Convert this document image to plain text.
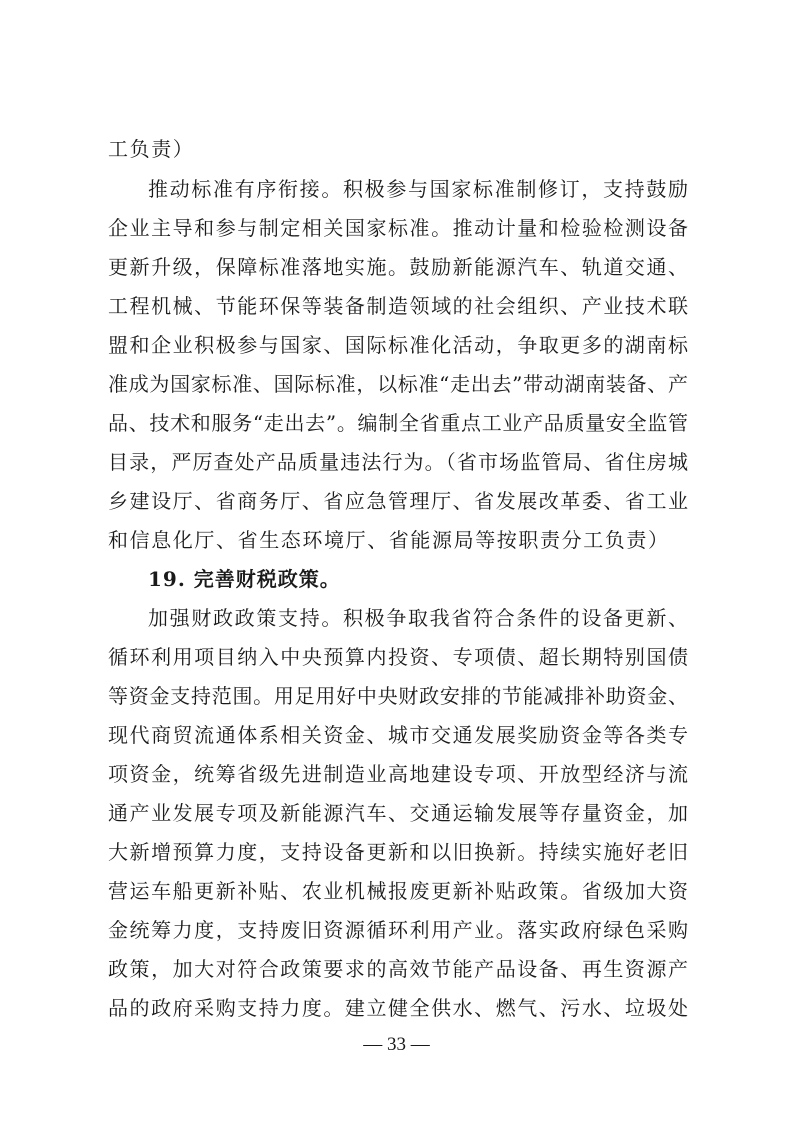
工负责）
推动标准有序衔接。积极参与国家标准制修订，支持鼓励
企业主导和参与制定相关国家标准。推动计量和检验检测设备
更新升级，保障标准落地实施。鼓励新能源汽车、轨道交通、
工程机械、节能环保等装备制造领域的社会组织、产业技术联
盟和企业积极参与国家、国际标准化活动，争取更多的湖南标
准成为国家标准、国际标准，以标准“走出去”带动湖南装备、产
品、技术和服务“走出去”。编制全省重点工业产品质量安全监管
目录，严厉查处产品质量违法行为。（省市场监管局、省住房城
乡建设厅、省商务厅、省应急管理厅、省发展改革委、省工业
和信息化厅、省生态环境厅、省能源局等按职责分工负责）
19. 完善财税政策。
加强财政政策支持。积极争取我省符合条件的设备更新、
循环利用项目纳入中央预算内投资、专项债、超长期特别国债
等资金支持范围。用足用好中央财政安排的节能减排补助资金、
现代商贸流通体系相关资金、城市交通发展奖励资金等各类专
项资金，统筹省级先进制造业高地建设专项、开放型经济与流
通产业发展专项及新能源汽车、交通运输发展等存量资金，加
大新增预算力度，支持设备更新和以旧换新。持续实施好老旧
营运车船更新补贴、农业机械报废更新补贴政策。省级加大资
金统筹力度，支持废旧资源循环利用产业。落实政府绿色采购
政策，加大对符合政策要求的高效节能产品设备、再生资源产
品的政府采购支持力度。建立健全供水、燃气、污水、垃圾处
— 33 —
